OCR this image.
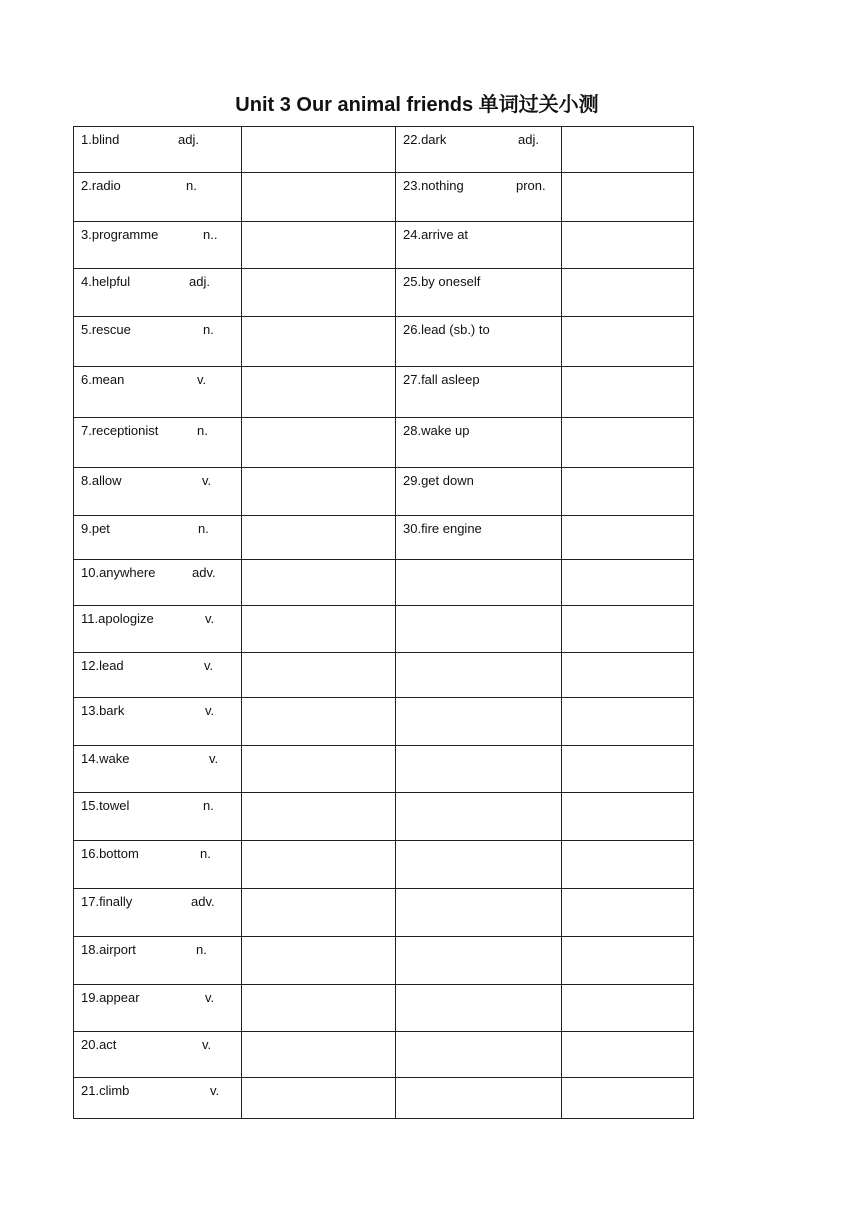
Unit 3 Our animal friends 单词过关小测
1.blind adj.		22.dark adj.	

2.radio n.		23.nothing pron.	

3.programme n..		24.arrive at	

4.helpful adj.		25.by oneself	

5.rescue n.		26.lead (sb.) to	

6.mean v.		27.fall asleep	

7.receptionist n.		28.wake up	

8.allow v.		29.get down	

9.pet n.		30.fire engine	

10.anywhere adv.			

11.apologize v.			

12.lead v.			

13.bark v.			

14.wake v.			

15.towel n.			

16.bottom n.			

17.finally adv.			

18.airport n.			

19.appear v.			

20.act v.			

21.climb v.			
